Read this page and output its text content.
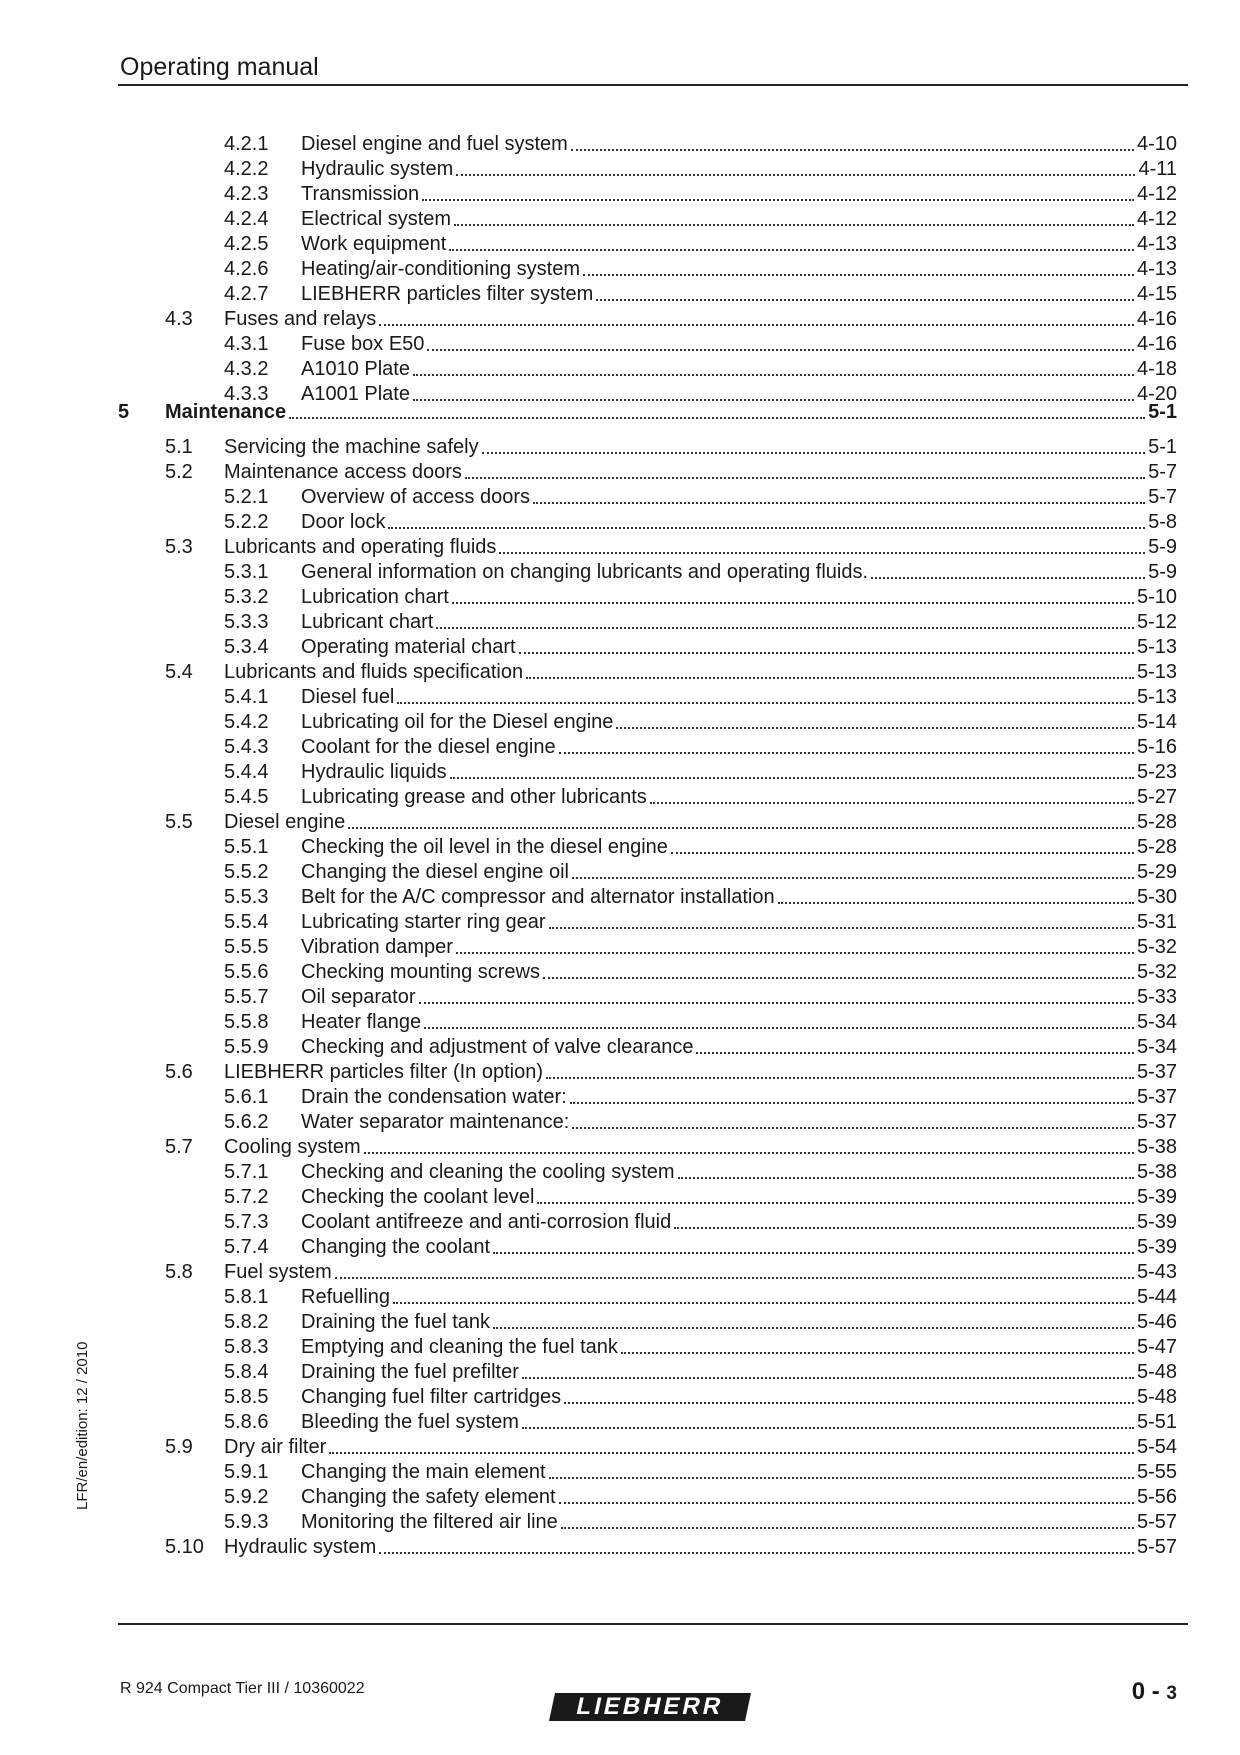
Operating manual
4.2.1	Diesel engine and fuel system	4-10
4.2.2	Hydraulic system	4-11
4.2.3	Transmission	4-12
4.2.4	Electrical system	4-12
4.2.5	Work equipment	4-13
4.2.6	Heating/air-conditioning system	4-13
4.2.7	LIEBHERR particles filter system	4-15
4.3	Fuses and relays	4-16
4.3.1	Fuse box E50	4-16
4.3.2	A1010 Plate	4-18
4.3.3	A1001 Plate	4-20
5	Maintenance	5-1
5.1	Servicing the machine safely	5-1
5.2	Maintenance access doors	5-7
5.2.1	Overview of access doors	5-7
5.2.2	Door lock	5-8
5.3	Lubricants and operating fluids	5-9
5.3.1	General information on changing lubricants and operating fluids.	5-9
5.3.2	Lubrication chart	5-10
5.3.3	Lubricant chart	5-12
5.3.4	Operating material chart	5-13
5.4	Lubricants and fluids specification	5-13
5.4.1	Diesel fuel	5-13
5.4.2	Lubricating oil for the Diesel engine	5-14
5.4.3	Coolant for the diesel engine	5-16
5.4.4	Hydraulic liquids	5-23
5.4.5	Lubricating grease and other lubricants	5-27
5.5	Diesel engine	5-28
5.5.1	Checking the oil level in the diesel engine	5-28
5.5.2	Changing the diesel engine oil	5-29
5.5.3	Belt for the A/C compressor and alternator installation	5-30
5.5.4	Lubricating starter ring gear	5-31
5.5.5	Vibration damper	5-32
5.5.6	Checking mounting screws	5-32
5.5.7	Oil separator	5-33
5.5.8	Heater flange	5-34
5.5.9	Checking and adjustment of valve clearance	5-34
5.6	LIEBHERR particles filter (In option)	5-37
5.6.1	Drain the condensation water:	5-37
5.6.2	Water separator maintenance:	5-37
5.7	Cooling system	5-38
5.7.1	Checking and cleaning the cooling system	5-38
5.7.2	Checking the coolant level	5-39
5.7.3	Coolant antifreeze and anti-corrosion fluid	5-39
5.7.4	Changing the coolant	5-39
5.8	Fuel system	5-43
5.8.1	Refuelling	5-44
5.8.2	Draining the fuel tank	5-46
5.8.3	Emptying and cleaning the fuel tank	5-47
5.8.4	Draining the fuel prefilter	5-48
5.8.5	Changing fuel filter cartridges	5-48
5.8.6	Bleeding the fuel system	5-51
5.9	Dry air filter	5-54
5.9.1	Changing the main element	5-55
5.9.2	Changing the safety element	5-56
5.9.3	Monitoring the filtered air line	5-57
5.10	Hydraulic system	5-57
R 924 Compact Tier III / 10360022
LIEBHERR
0 - 3
LFR/en/edition: 12 / 2010
